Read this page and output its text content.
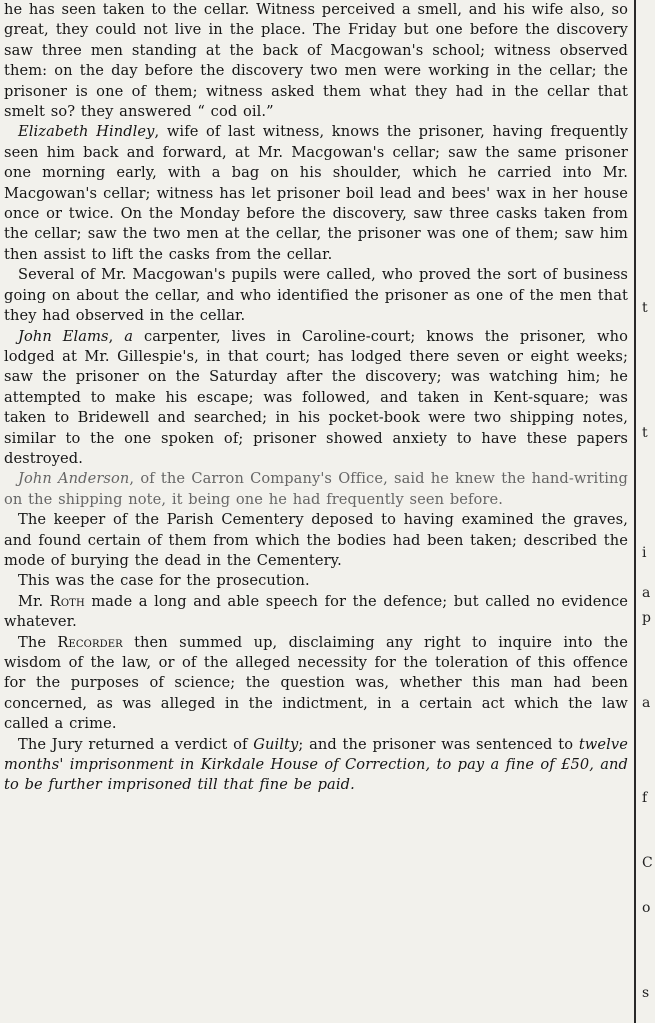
he has seen taken to the cellar. Witness perceived a smell, and his wife also, so great, they could not live in the place. The Friday but one before the discovery saw three men standing at the back of Macgowan's school; witness observed them: on the day before the discovery two men were working in the cellar; the prisoner is one of them; witness asked them what they had in the cellar that smelt so? they answered “ cod oil.”

Elizabeth Hindley, wife of last witness, knows the prisoner, having frequently seen him back and forward, at Mr. Macgowan's cellar; saw the same prisoner one morning early, with a bag on his shoulder, which he carried into Mr. Macgowan's cellar; witness has let prisoner boil lead and bees' wax in her house once or twice. On the Monday before the discovery, saw three casks taken from the cellar; saw the two men at the cellar, the prisoner was one of them; saw him then assist to lift the casks from the cellar.

Several of Mr. Macgowan's pupils were called, who proved the sort of business going on about the cellar, and who identified the prisoner as one of the men that they had observed in the cellar.

John Elams, a carpenter, lives in Caroline-court; knows the prisoner, who lodged at Mr. Gillespie's, in that court; has lodged there seven or eight weeks; saw the prisoner on the Saturday after the discovery; was watching him; he attempted to make his escape; was followed, and taken in Kent-square; was taken to Bridewell and searched; in his pocket-book were two shipping notes, similar to the one spoken of; prisoner showed anxiety to have these papers destroyed.

John Anderson, of the Carron Company's Office, said he knew the hand-writing on the shipping note, it being one he had frequently seen before.

The keeper of the Parish Cementery deposed to having examined the graves, and found certain of them from which the bodies had been taken; described the mode of burying the dead in the Cementery.

This was the case for the prosecution.

Mr. Roth made a long and able speech for the defence; but called no evidence whatever.

The Recorder then summed up, disclaiming any right to inquire into the wisdom of the law, or of the alleged necessity for the toleration of this offence for the purposes of science; the question was, whether this man had been concerned, as was alleged in the indictment, in a certain act which the law called a crime.

The Jury returned a verdict of Guilty; and the prisoner was sentenced to twelve months' imprisonment in Kirkdale House of Correction, to pay a fine of £50, and to be further imprisoned till that fine be paid.

t
t
i
a
p
a
f
C
o
s
